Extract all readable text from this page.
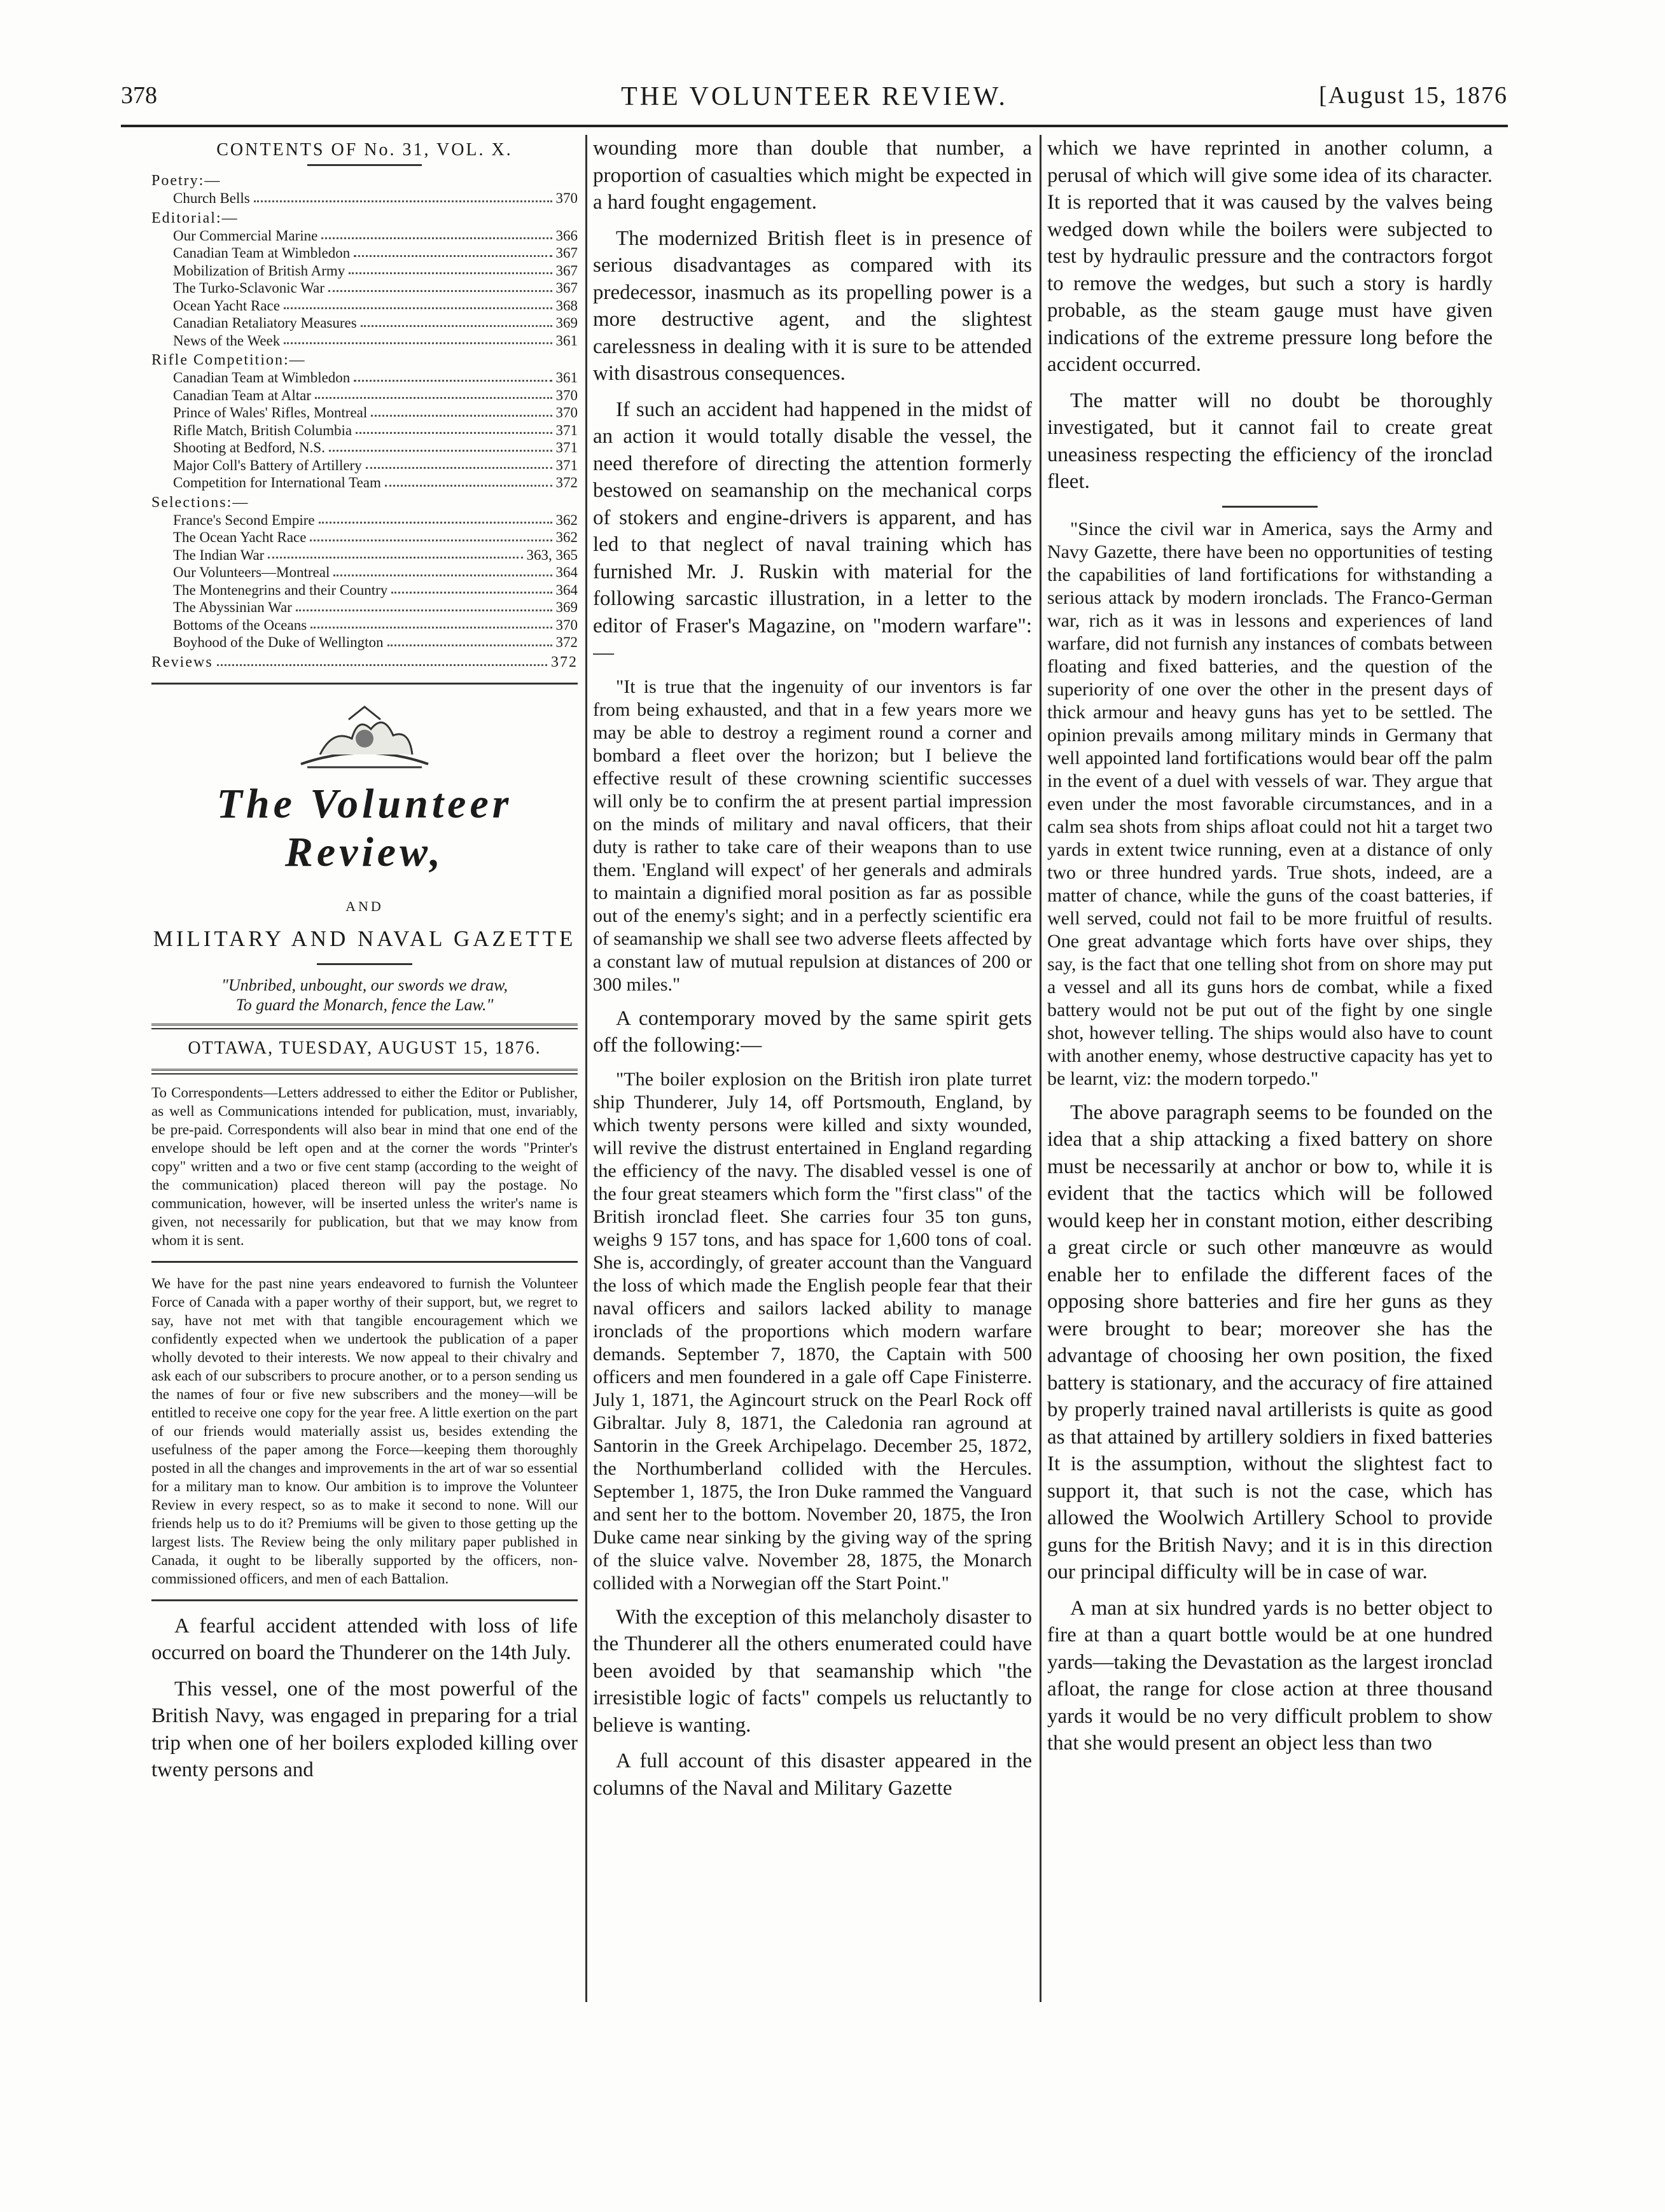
378	THE VOLUNTEER REVIEW.	[August 15, 1876
CONTENTS OF No. 31, VOL. X.
Poetry:—
Church Bells	370
Editorial:—
Our Commercial Marine	366
Canadian Team at Wimbledon	367
Mobilization of British Army	367
The Turko-Sclavonic War	367
Ocean Yacht Race	368
Canadian Retaliatory Measures	369
News of the Week	361
Rifle Competition:—
Canadian Team at Wimbledon	361
Canadian Team at Altar	370
Prince of Wales' Rifles, Montreal	370
Rifle Match, British Columbia	371
Shooting at Bedford, N.S.	371
Major Coll's Battery of Artillery	371
Competition for International Team	372
Selections:—
France's Second Empire	362
The Ocean Yacht Race	362
The Indian War	363, 365
Our Volunteers—Montreal	364
The Montenegrins and their Country	364
The Abyssinian War	369
Bottoms of the Oceans	370
Boyhood of the Duke of Wellington	372
Reviews	372
The Volunteer Review,
AND
MILITARY AND NAVAL GAZETTE
"Unbribed, unbought, our swords we draw,
To guard the Monarch, fence the Law."
OTTAWA, TUESDAY, AUGUST 15, 1876.
To Correspondents—Letters addressed to either the Editor or Publisher, as well as Communications intended for publication, must, invariably, be pre-paid. Correspondents will also bear in mind that one end of the envelope should be left open and at the corner the words "Printer's copy" written and a two or five cent stamp (according to the weight of the communication) placed thereon will pay the postage. No communication, however, will be inserted unless the writer's name is given, not necessarily for publication, but that we may know from whom it is sent.
We have for the past nine years endeavored to furnish the Volunteer Force of Canada with a paper worthy of their support, but, we regret to say, have not met with that tangible encouragement which we confidently expected when we undertook the publication of a paper wholly devoted to their interests. We now appeal to their chivalry and ask each of our subscribers to procure another, or to a person sending us the names of four or five new subscribers and the money—will be entitled to receive one copy for the year free. A little exertion on the part of our friends would materially assist us, besides extending the usefulness of the paper among the Force—keeping them thoroughly posted in all the changes and improvements in the art of war so essential for a military man to know. Our ambition is to improve the Volunteer Review in every respect, so as to make it second to none. Will our friends help us to do it? Premiums will be given to those getting up the largest lists. The Review being the only military paper published in Canada, it ought to be liberally supported by the officers, non-commissioned officers, and men of each Battalion.

A fearful accident attended with loss of life occurred on board the Thunderer on the 14th July.

This vessel, one of the most powerful of the British Navy, was engaged in preparing for a trial trip when one of her boilers exploded killing over twenty persons and

wounding more than double that number, a proportion of casualties which might be expected in a hard fought engagement.

The modernized British fleet is in presence of serious disadvantages as compared with its predecessor, inasmuch as its propelling power is a more destructive agent, and the slightest carelessness in dealing with it is sure to be attended with disastrous consequences.

If such an accident had happened in the midst of an action it would totally disable the vessel, the need therefore of directing the attention formerly bestowed on seamanship on the mechanical corps of stokers and engine-drivers is apparent, and has led to that neglect of naval training which has furnished Mr. J. Ruskin with material for the following sarcastic illustration, in a letter to the editor of Fraser's Magazine, on "modern warfare":—

"It is true that the ingenuity of our inventors is far from being exhausted, and that in a few years more we may be able to destroy a regiment round a corner and bombard a fleet over the horizon; but I believe the effective result of these crowning scientific successes will only be to confirm the at present partial impression on the minds of military and naval officers, that their duty is rather to take care of their weapons than to use them. 'England will expect' of her generals and admirals to maintain a dignified moral position as far as possible out of the enemy's sight; and in a perfectly scientific era of seamanship we shall see two adverse fleets affected by a constant law of mutual repulsion at distances of 200 or 300 miles."

A contemporary moved by the same spirit gets off the following:—

"The boiler explosion on the British iron plate turret ship Thunderer, July 14, off Portsmouth, England, by which twenty persons were killed and sixty wounded, will revive the distrust entertained in England regarding the efficiency of the navy. The disabled vessel is one of the four great steamers which form the "first class" of the British ironclad fleet. She carries four 35 ton guns, weighs 9 157 tons, and has space for 1,600 tons of coal. She is, accordingly, of greater account than the Vanguard the loss of which made the English people fear that their naval officers and sailors lacked ability to manage ironclads of the proportions which modern warfare demands. September 7, 1870, the Captain with 500 officers and men foundered in a gale off Cape Finisterre. July 1, 1871, the Agincourt struck on the Pearl Rock off Gibraltar. July 8, 1871, the Caledonia ran aground at Santorin in the Greek Archipelago. December 25, 1872, the Northumberland collided with the Hercules. September 1, 1875, the Iron Duke rammed the Vanguard and sent her to the bottom. November 20, 1875, the Iron Duke came near sinking by the giving way of the spring of the sluice valve. November 28, 1875, the Monarch collided with a Norwegian off the Start Point."

With the exception of this melancholy disaster to the Thunderer all the others enumerated could have been avoided by that seamanship which "the irresistible logic of facts" compels us reluctantly to believe is wanting.

A full account of this disaster appeared in the columns of the Naval and Military Gazette

which we have reprinted in another column, a perusal of which will give some idea of its character. It is reported that it was caused by the valves being wedged down while the boilers were subjected to test by hydraulic pressure and the contractors forgot to remove the wedges, but such a story is hardly probable, as the steam gauge must have given indications of the extreme pressure long before the accident occurred.

The matter will no doubt be thoroughly investigated, but it cannot fail to create great uneasiness respecting the efficiency of the ironclad fleet.

"Since the civil war in America, says the Army and Navy Gazette, there have been no opportunities of testing the capabilities of land fortifications for withstanding a serious attack by modern ironclads. The Franco-German war, rich as it was in lessons and experiences of land warfare, did not furnish any instances of combats between floating and fixed batteries, and the question of the superiority of one over the other in the present days of thick armour and heavy guns has yet to be settled. The opinion prevails among military minds in Germany that well appointed land fortifications would bear off the palm in the event of a duel with vessels of war. They argue that even under the most favorable circumstances, and in a calm sea shots from ships afloat could not hit a target two yards in extent twice running, even at a distance of only two or three hundred yards. True shots, indeed, are a matter of chance, while the guns of the coast batteries, if well served, could not fail to be more fruitful of results. One great advantage which forts have over ships, they say, is the fact that one telling shot from on shore may put a vessel and all its guns hors de combat, while a fixed battery would not be put out of the fight by one single shot, however telling. The ships would also have to count with another enemy, whose destructive capacity has yet to be learnt, viz: the modern torpedo."

The above paragraph seems to be founded on the idea that a ship attacking a fixed battery on shore must be necessarily at anchor or bow to, while it is evident that the tactics which will be followed would keep her in constant motion, either describing a great circle or such other manœuvre as would enable her to enfilade the different faces of the opposing shore batteries and fire her guns as they were brought to bear; moreover she has the advantage of choosing her own position, the fixed battery is stationary, and the accuracy of fire attained by properly trained naval artillerists is quite as good as that attained by artillery soldiers in fixed batteries It is the assumption, without the slightest fact to support it, that such is not the case, which has allowed the Woolwich Artillery School to provide guns for the British Navy; and it is in this direction our principal difficulty will be in case of war.

A man at six hundred yards is no better object to fire at than a quart bottle would be at one hundred yards—taking the Devastation as the largest ironclad afloat, the range for close action at three thousand yards it would be no very difficult problem to show that she would present an object less than two
